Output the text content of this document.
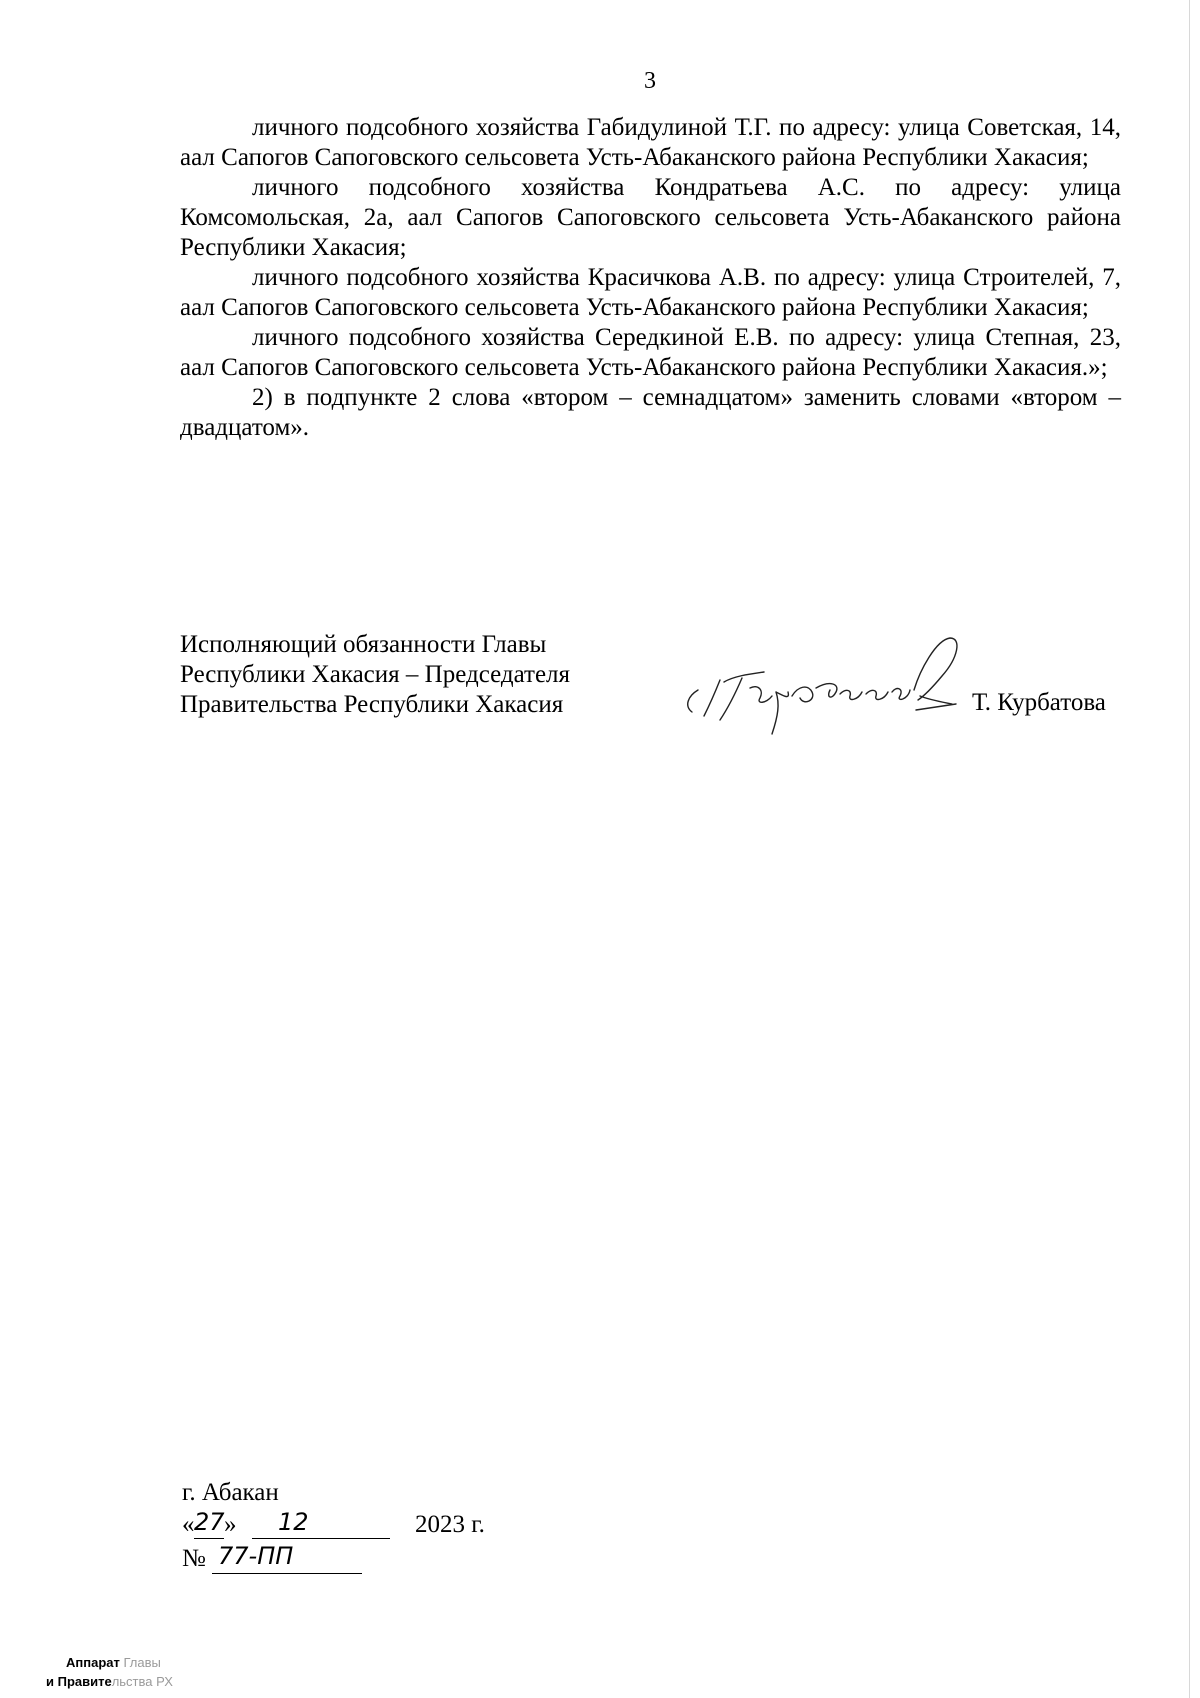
3

личного подсобного хозяйства Габидулиной Т.Г. по адресу: улица Советская, 14, аал Сапогов Сапоговского сельсовета Усть-Абаканского района Республики Хакасия;

личного подсобного хозяйства Кондратьева А.С. по адресу: улица Комсомольская, 2а, аал Сапогов Сапоговского сельсовета Усть-Абаканского района Республики Хакасия;

личного подсобного хозяйства Красичкова А.В. по адресу: улица Строителей, 7, аал Сапогов Сапоговского сельсовета Усть-Абаканского района Республики Хакасия;

личного подсобного хозяйства Середкиной Е.В. по адресу: улица Степная, 23, аал Сапогов Сапоговского сельсовета Усть-Абаканского района Республики Хакасия.»;

2) в подпункте 2 слова «втором – семнадцатом» заменить словами «втором – двадцатом».

Исполняющий обязанности Главы
Республики Хакасия – Председателя
Правительства Республики Хакасия	Т. Курбатова
г. Абакан
« 27 » 12	2023 г.
№ 77-ПП
Аппарат Главы
и Правительства РХ
